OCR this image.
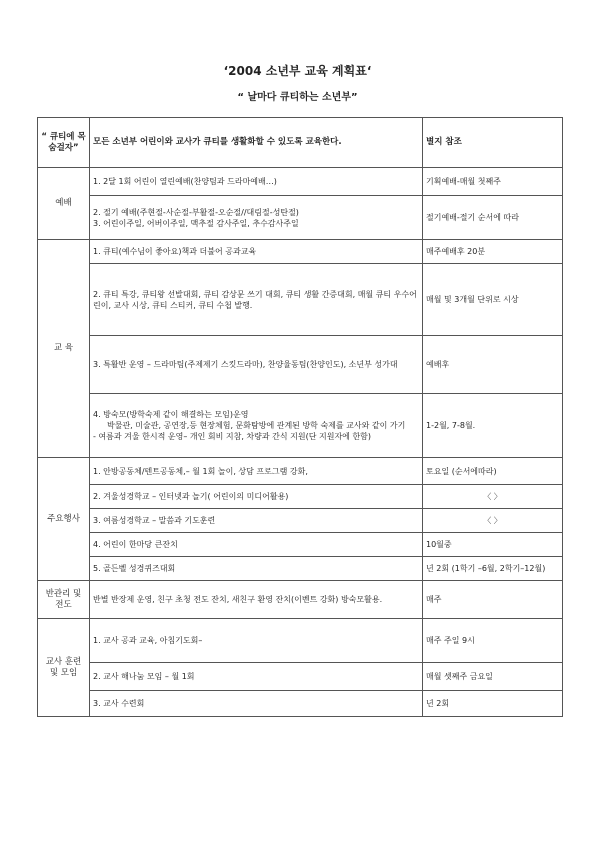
‘2004 소년부 교육 계획표‘
“ 날마다 큐티하는 소년부”
“ 큐티에 목숨걸자”	모든 소년부 어린이와 교사가 큐티를 생활화할 수 있도록 교육한다.	별지 참조
예배	1. 2달 1회 어린이 열린예배(찬양팀과 드라마예배…)	기획예배-매월 첫째주

	2. 절기 예배(주현절-사순절-부활절-오순절//대림절-성탄절)
3. 어린이주일, 어버이주일, 맥추절 감사주일, 추수감사주일	절기예배-절기 순서에 따라
교 육	1. 큐티(예수님이 좋아요)책과 더불어 공과교육	매주예배후 20분
	2. 큐티 특강, 큐티왕 선발대회, 큐티 감상문 쓰기 대회, 큐티 생활 간증대회, 매월 큐티 우수어린이, 교사 시상, 큐티 스티커, 큐티 수첩 발행.	매월 및 3개월 단위로 시상
	3. 특활반 운영 – 드라마팀(주제제기 스킷드라마), 찬양율동팀(찬양인도), 소년부 성가대	예배후

	4. 방숙모(방학숙제 같이 해결하는 모임)운영
박물관, 미술관, 공연장,등 현장체험, 문화탐방에 관계된 방학 숙제를 교사와 같이 가기
- 여름과 겨울 한시적 운영– 개인 회비 지참, 차량과 간식 지원(단 지원자에 한함)	1-2월, 7-8월.
주요행사	1. 안방공동체/텐트공동체,– 월 1회 놀이, 상담 프로그램 강화,	토요일 (순서에따라)
	2. 겨울성경학교 – 인터넷과 놀기( 어린이의 미디어활용)	〈 〉
	3. 여름성경학교 – 말씀과 기도훈련	〈 〉
	4. 어린이 한마당 큰잔치	10월중
	5. 골든벨 성경퀴즈대회	년 2회 (1학기 –6월, 2학기–12월)
반관리 및 전도	반별 반장제 운영, 친구 초청 전도 잔치, 새친구 환영 잔치(이벤트 강화) 방숙모활용.	매주
교사 훈련 및 모임	1. 교사 공과 교육, 아침기도회–	매주 주일 9시
	2. 교사 해나눔 모임 – 월 1회	매월 셋째주 금요일
	3. 교사 수련회	년 2회
